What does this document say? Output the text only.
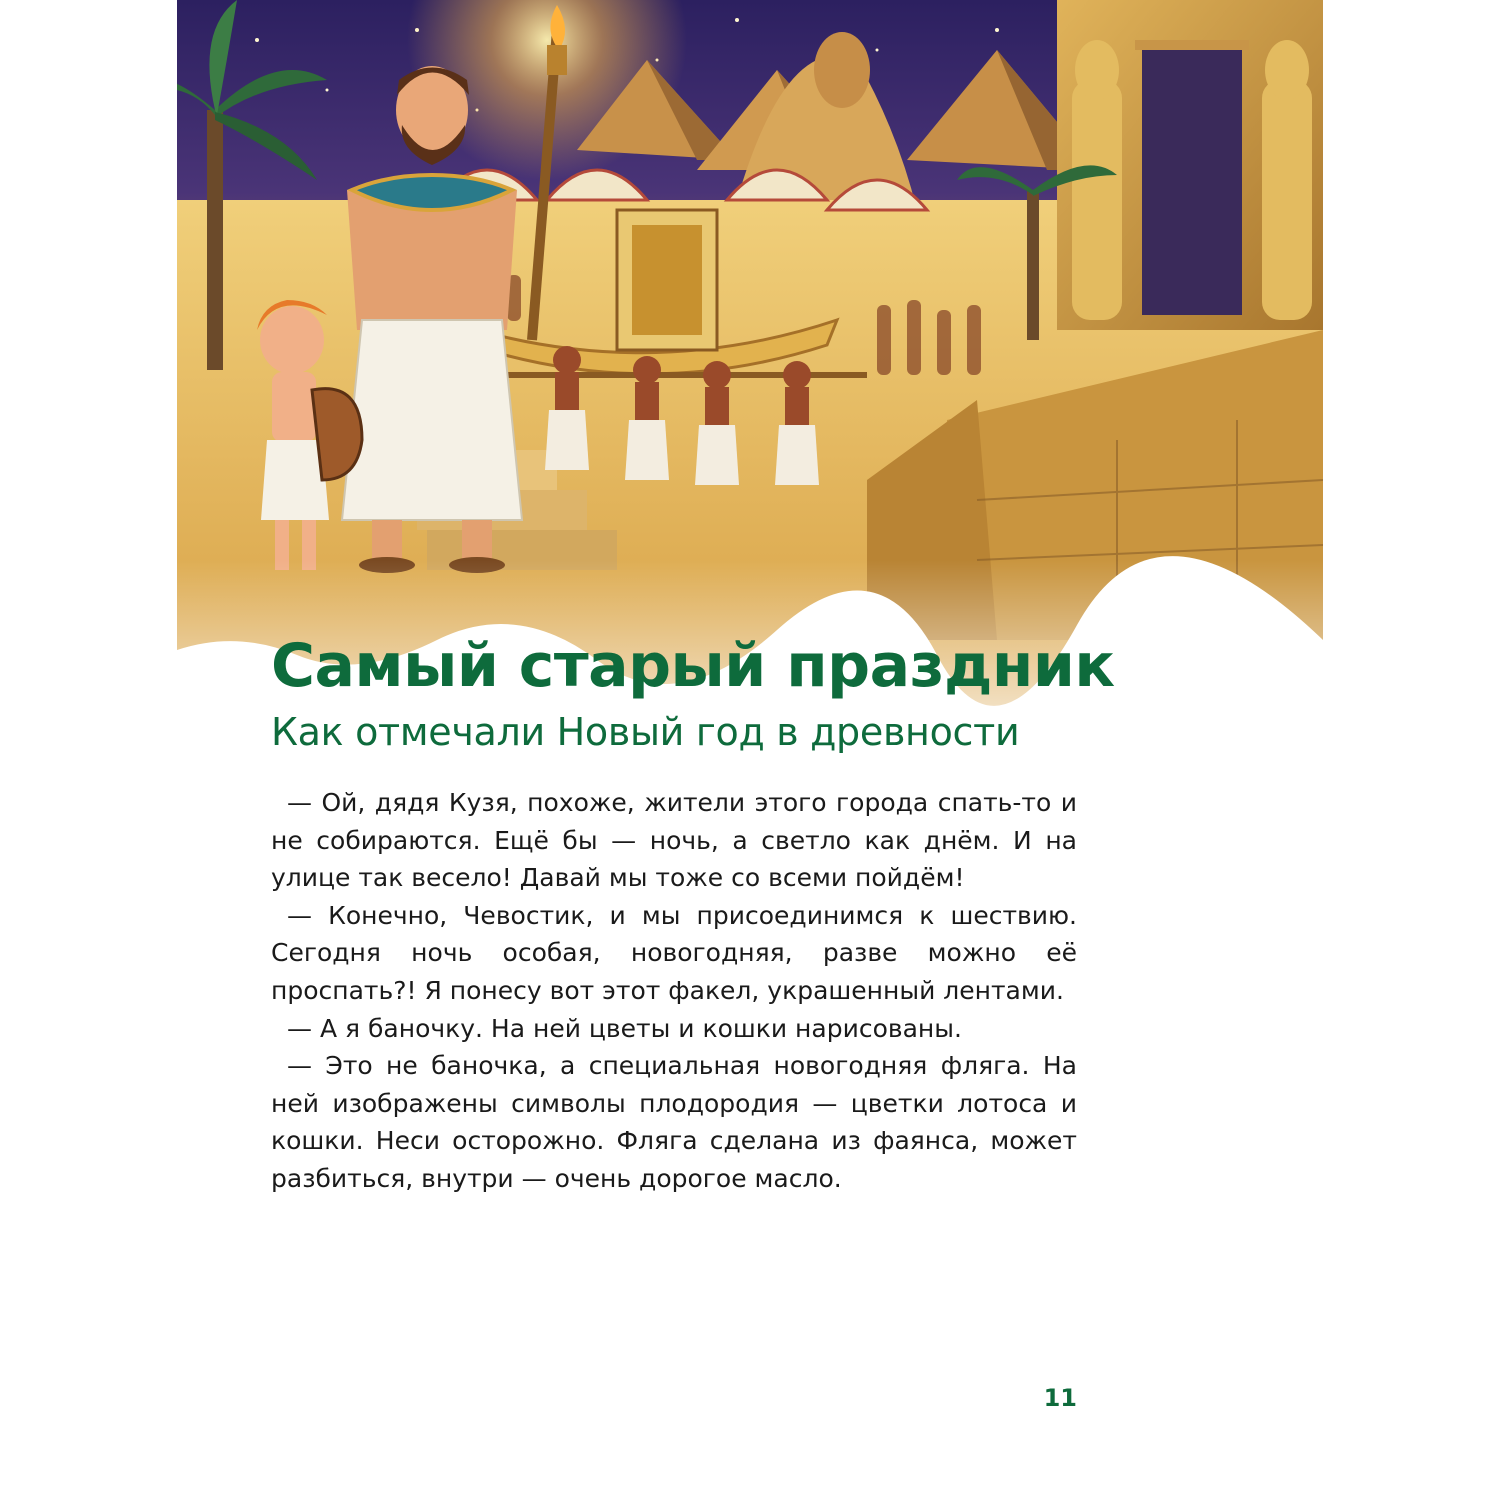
Самый старый праздник
Как отмечали Новый год в древности

— Ой, дядя Кузя, похоже, жители этого города спать-то и не собираются. Ещё бы — ночь, а светло как днём. И на улице так весело! Давай мы тоже со всеми пойдём!

— Конечно, Чевостик, и мы присоединимся к шествию. Сегодня ночь особая, новогодняя, разве можно её проспать?! Я понесу вот этот факел, украшенный лентами.

— А я баночку. На ней цветы и кошки нарисованы.

— Это не баночка, а специальная новогодняя фляга. На ней изображены символы плодородия — цветки лотоса и кошки. Неси осторожно. Фляга сделана из фаянса, может разбиться, внутри — очень дорогое масло.

11
